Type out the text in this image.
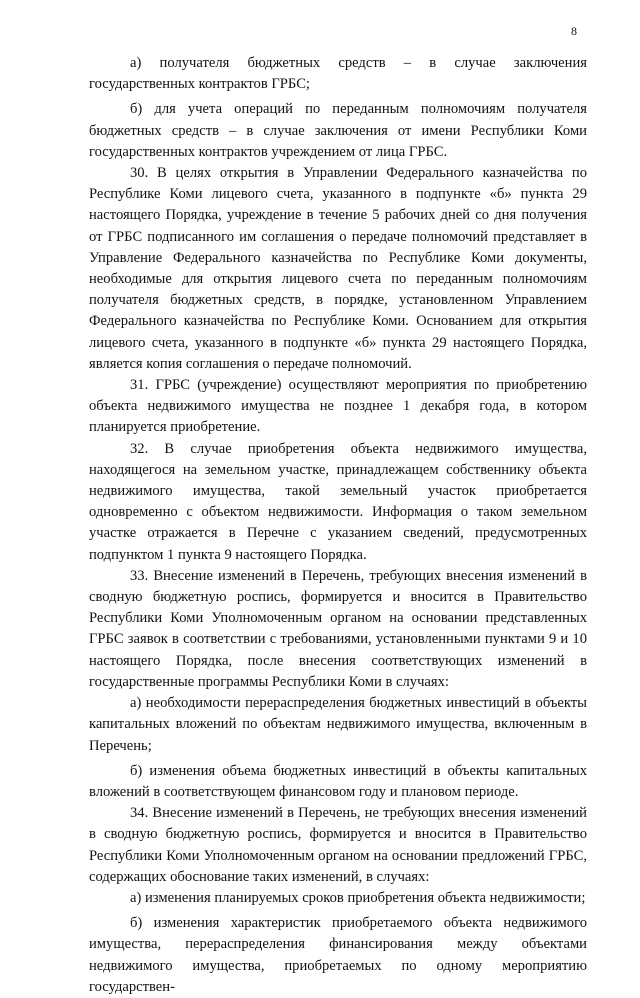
8

а) получателя бюджетных средств – в случае заключения государственных контрактов ГРБС;

б) для учета операций по переданным полномочиям получателя бюджетных средств – в случае заключения от имени Республики Коми государственных контрактов учреждением от лица ГРБС.

30. В целях открытия в Управлении Федерального казначейства по Республике Коми лицевого счета, указанного в подпункте «б» пункта 29 настоящего Порядка, учреждение в течение 5 рабочих дней со дня получения от ГРБС подписанного им соглашения о передаче полномочий представляет в Управление Федерального казначейства по Республике Коми документы, необходимые для открытия лицевого счета по переданным полномочиям получателя бюджетных средств, в порядке, установленном Управлением Федерального казначейства по Республике Коми. Основанием для открытия лицевого счета, указанного в подпункте «б» пункта 29 настоящего Порядка, является копия соглашения о передаче полномочий.

31. ГРБС (учреждение) осуществляют мероприятия по приобретению объекта недвижимого имущества не позднее 1 декабря года, в котором планируется приобретение.

32. В случае приобретения объекта недвижимого имущества, находящегося на земельном участке, принадлежащем собственнику объекта недвижимого имущества, такой земельный участок приобретается одновременно с объектом недвижимости. Информация о таком земельном участке отражается в Перечне с указанием сведений, предусмотренных подпунктом 1 пункта 9 настоящего Порядка.

33. Внесение изменений в Перечень, требующих внесения изменений в сводную бюджетную роспись, формируется и вносится в Правительство Республики Коми Уполномоченным органом на основании представленных ГРБС заявок в соответствии с требованиями, установленными пунктами 9 и 10 настоящего Порядка, после внесения соответствующих изменений в государственные программы Республики Коми в случаях:

а) необходимости перераспределения бюджетных инвестиций в объекты капитальных вложений по объектам недвижимого имущества, включенным в Перечень;

б) изменения объема бюджетных инвестиций в объекты капитальных вложений в соответствующем финансовом году и плановом периоде.

34. Внесение изменений в Перечень, не требующих внесения изменений в сводную бюджетную роспись, формируется и вносится в Правительство Республики Коми Уполномоченным органом на основании предложений ГРБС, содержащих обоснование таких изменений, в случаях:

а) изменения планируемых сроков приобретения объекта недвижимости;

б) изменения характеристик приобретаемого объекта недвижимого имущества, перераспределения финансирования между объектами недвижимого имущества, приобретаемых по одному мероприятию государствен-
